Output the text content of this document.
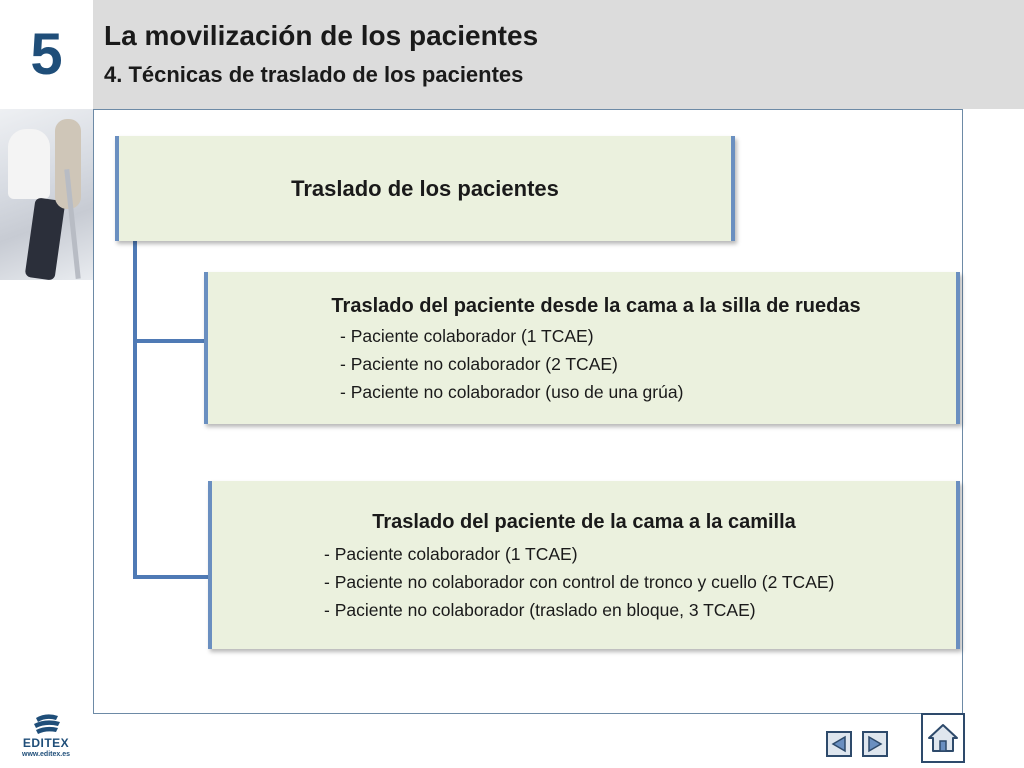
5	La movilización de los pacientes
4. Técnicas de traslado de los pacientes
Traslado de los pacientes
Traslado del paciente desde la cama a la silla de ruedas
- Paciente colaborador (1 TCAE)
- Paciente no colaborador (2 TCAE)
- Paciente no colaborador (uso de una grúa)
Traslado del paciente de la cama a la camilla
- Paciente colaborador (1 TCAE)
- Paciente no colaborador con control de tronco y cuello (2 TCAE)
- Paciente no colaborador (traslado en bloque, 3 TCAE)
EDITEX
www.editex.es
